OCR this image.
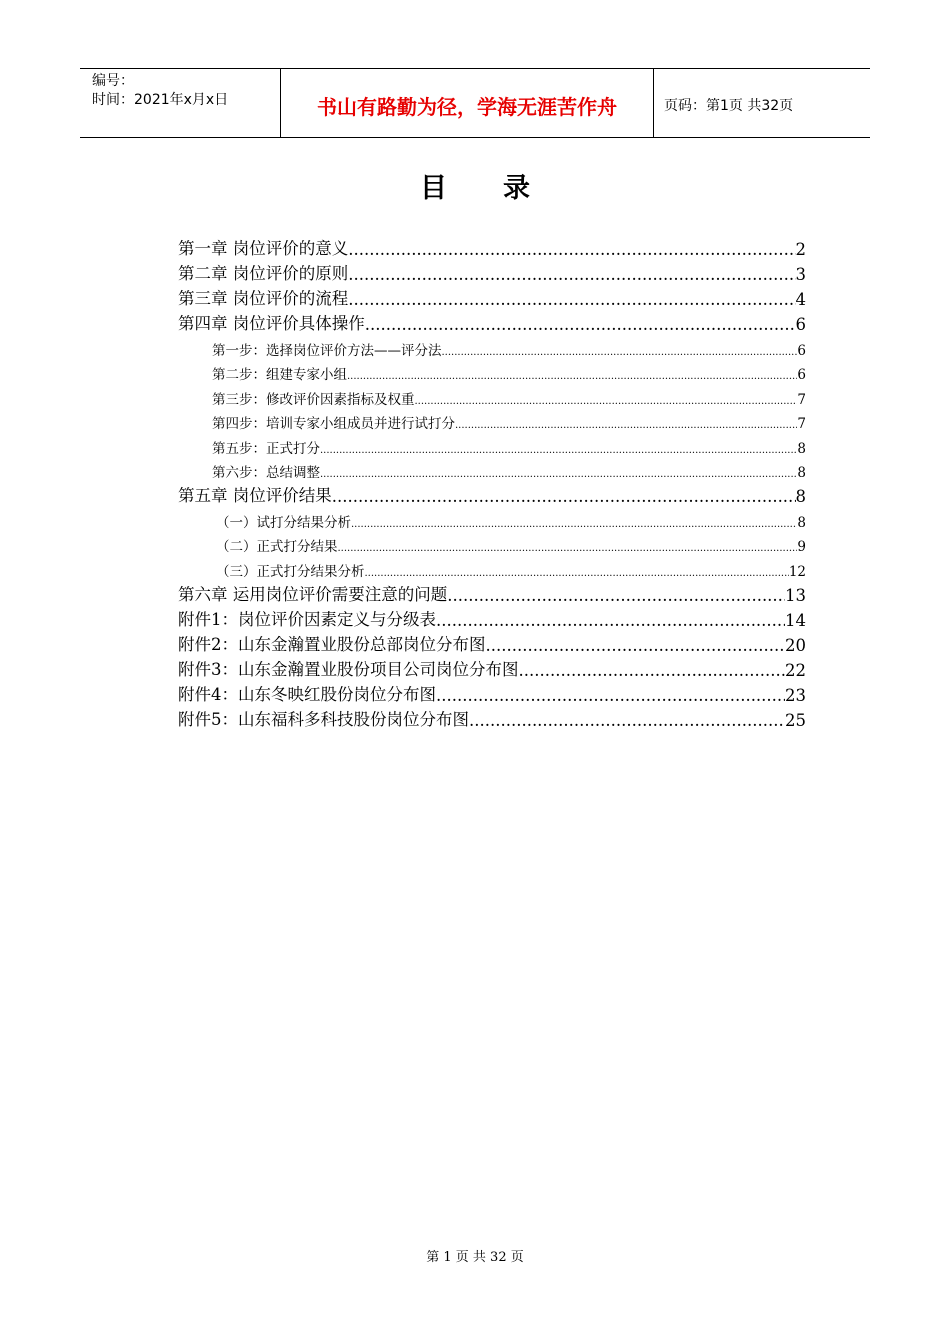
编号：
时间：2021年x月x日	书山有路勤为径，学海无涯苦作舟	页码：第1页 共32页
目录
第一章 岗位评价的意义 .....	2
第二章 岗位评价的原则 .....	3
第三章 岗位评价的流程 .....	4
第四章 岗位评价具体操作 .....	6
第一步：选择岗位评价方法——评分法 .....	6
第二步：组建专家小组 .....	6
第三步：修改评价因素指标及权重 .....	7
第四步：培训专家小组成员并进行试打分 .....	7
第五步：正式打分 .....	8
第六步：总结调整 .....	8
第五章 岗位评价结果 .....	8
（一）试打分结果分析 .....	8
（二）正式打分结果 .....	9
（三）正式打分结果分析 .....	12
第六章 运用岗位评价需要注意的问题 .....	13
附件1：岗位评价因素定义与分级表 .....	14
附件2：山东金瀚置业股份总部岗位分布图 .....	20
附件3：山东金瀚置业股份项目公司岗位分布图 .....	22
附件4：山东冬映红股份岗位分布图 .....	23
附件5：山东福科多科技股份岗位分布图 .....	25
第 1 页 共 32 页
